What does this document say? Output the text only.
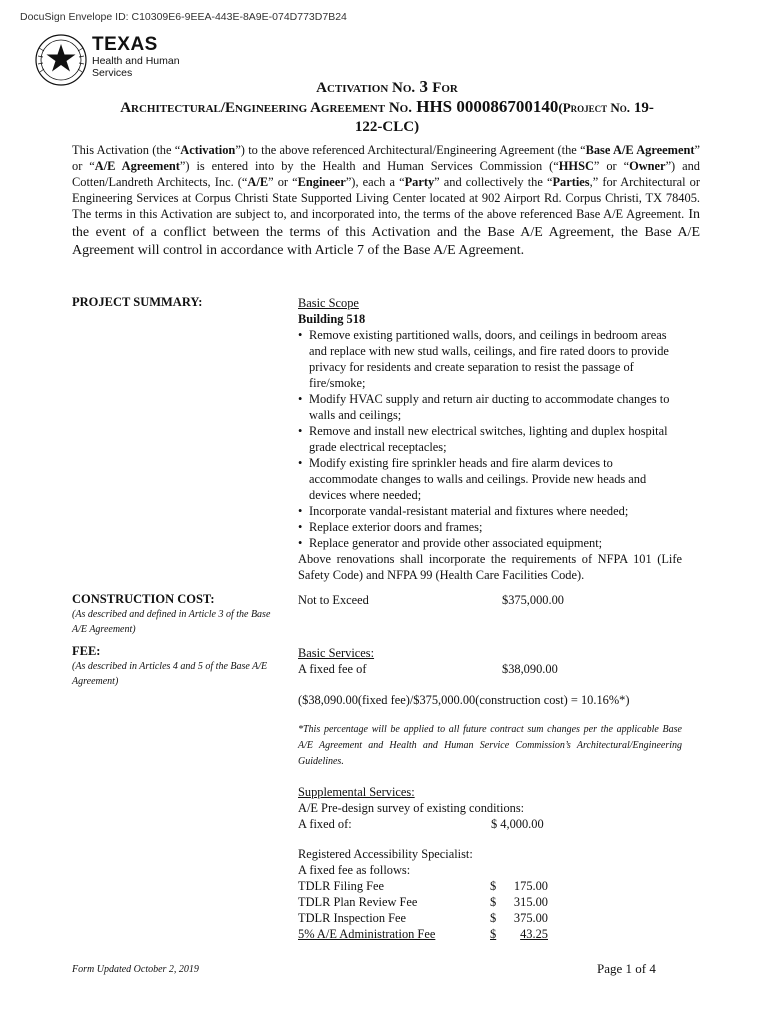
DocuSign Envelope ID: C10309E6-9EEA-443E-8A9E-074D773D7B24
TEXAS
Health and Human
Services
Activation No. 3 For
Architectural/Engineering Agreement No. HHS 000086700140(Project No. 19-
122-CLC)
This Activation (the “Activation”) to the above referenced Architectural/Engineering Agreement (the “Base A/E Agreement” or “A/E Agreement”) is entered into by the Health and Human Services Commission (“HHSC” or “Owner”) and Cotten/Landreth Architects, Inc. (“A/E” or “Engineer”), each a “Party” and collectively the “Parties,” for Architectural or Engineering Services at Corpus Christi State Supported Living Center located at 902 Airport Rd. Corpus Christi, TX 78405. The terms in this Activation are subject to, and incorporated into, the terms of the above referenced Base A/E Agreement. In the event of a conflict between the terms of this Activation and the Base A/E Agreement, the Base A/E Agreement will control in accordance with Article 7 of the Base A/E Agreement.
PROJECT SUMMARY:	Basic Scope
Building 518
• Remove existing partitioned walls, doors, and ceilings in bedroom areas and replace with new stud walls, ceilings, and fire rated doors to provide privacy for residents and create separation to resist the passage of fire/smoke;
• Modify HVAC supply and return air ducting to accommodate changes to walls and ceilings;
• Remove and install new electrical switches, lighting and duplex hospital grade electrical receptacles;
• Modify existing fire sprinkler heads and fire alarm devices to accommodate changes to walls and ceilings. Provide new heads and devices where needed;
• Incorporate vandal-resistant material and fixtures where needed;
• Replace exterior doors and frames;
• Replace generator and provide other associated equipment;
Above renovations shall incorporate the requirements of NFPA 101 (Life Safety Code) and NFPA 99 (Health Care Facilities Code).
CONSTRUCTION COST:
(As described and defined in Article 3 of the Base A/E Agreement)
Not to Exceed	$375,000.00
FEE:
(As described in Articles 4 and 5 of the Base A/E Agreement)
Basic Services:
A fixed fee of	$38,090.00
($38,090.00(fixed fee)/$375,000.00(construction cost) = 10.16%*)
*This percentage will be applied to all future contract sum changes per the applicable Base A/E Agreement and Health and Human Service Commission’s Architectural/Engineering Guidelines.
Supplemental Services:
A/E Pre-design survey of existing conditions:
A fixed of:	$ 4,000.00
Registered Accessibility Specialist:
A fixed fee as follows:
TDLR Filing Fee	$ 175.00
TDLR Plan Review Fee	$ 315.00
TDLR Inspection Fee	$ 375.00
5% A/E Administration Fee	$ 43.25
Form Updated October 2, 2019	Page 1 of 4
